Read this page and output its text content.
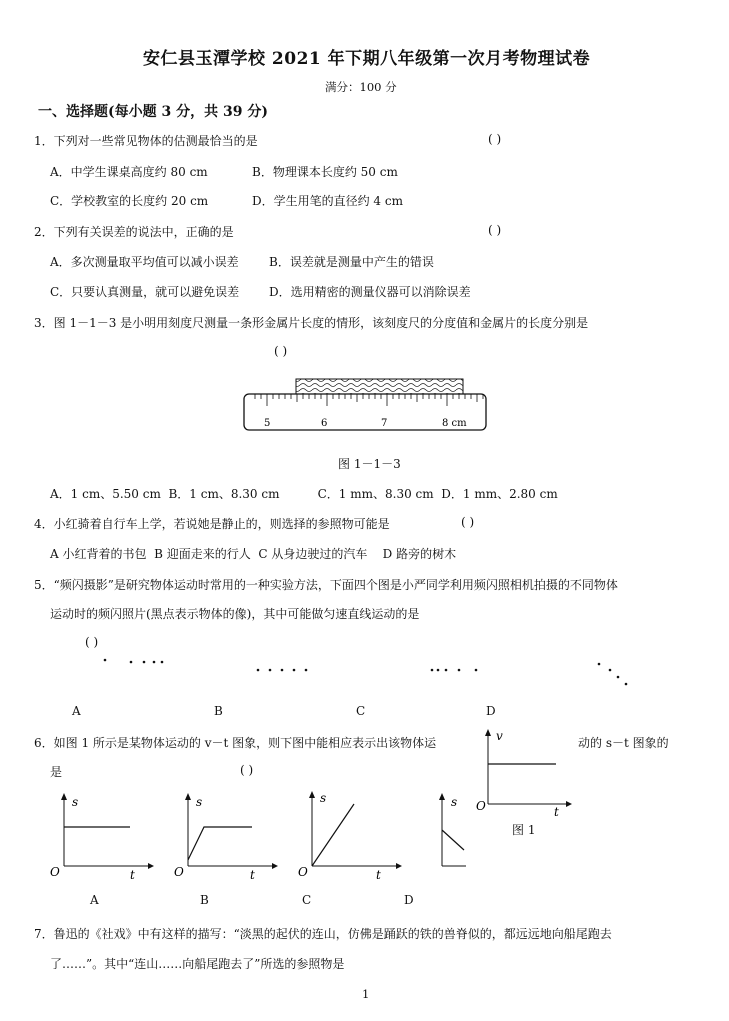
安仁县玉潭学校 2021 年下期八年级第一次月考物理试卷
满分：100 分
一、选择题(每小题 3 分，共 39 分)
1．下列对一些常见物体的估测最恰当的是	( )
A．中学生课桌高度约 80 cm	B．物理课本长度约 50 cm
C．学校教室的长度约 20 cm	D．学生用笔的直径约 4 cm
2．下列有关误差的说法中，正确的是	( )
A．多次测量取平均值可以减小误差	B．误差就是测量中产生的错误
C．只要认真测量，就可以避免误差 D．选用精密的测量仪器可以消除误差
3．图 1－1－3 是小明用刻度尺测量一条形金属片长度的情形，该刻度尺的分度值和金属片的长度分别是
( )
5	6	7	8 cm
图 1－1－3
A．1 cm、5.50 cm  B．1 cm、8.30 cm          C．1 mm、8.30 cm  D．1 mm、2.80 cm
4．小红骑着自行车上学，若说她是静止的，则选择的参照物可能是	( )
A 小红背着的书包  B 迎面走来的行人  C 从身边驶过的汽车    D 路旁的树木
5．“频闪摄影”是研究物体运动时常用的一种实验方法，下面四个图是小严同学利用频闪照相机拍摄的不同物体
运动时的频闪照片(黑点表示物体的像)，其中可能做匀速直线运动的是
( )
A	B	C	D
6．如图 1 所示是某物体运动的 v－t 图象，则下图中能相应表示出该物体运	动的 s－t 图象的
是	( )
O
v
t
图 1
O
s
t	O
s
t	O
s
t
s
A	B	C	D
7．鲁迅的《社戏》中有这样的描写：“淡黑的起伏的连山，仿佛是踊跃的铁的兽脊似的，都远远地向船尾跑去
了……”。其中“连山……向船尾跑去了”所选的参照物是
1
